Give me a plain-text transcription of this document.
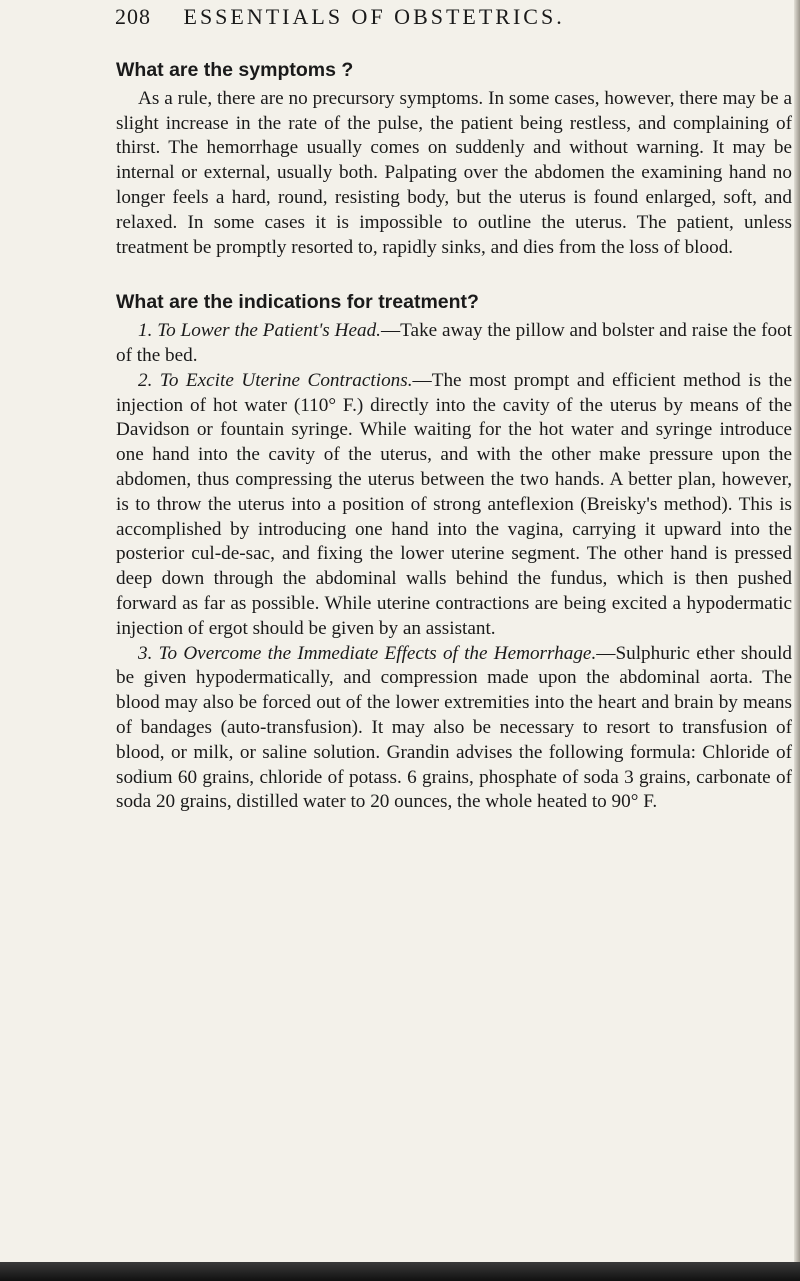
208 ESSENTIALS OF OBSTETRICS.
What are the symptoms ?

As a rule, there are no precursory symptoms. In some cases, however, there may be a slight increase in the rate of the pulse, the patient being restless, and complaining of thirst. The hemorrhage usually comes on suddenly and without warning. It may be internal or external, usually both. Palpating over the abdomen the examining hand no longer feels a hard, round, resisting body, but the uterus is found enlarged, soft, and relaxed. In some cases it is impossible to outline the uterus. The patient, unless treatment be promptly resorted to, rapidly sinks, and dies from the loss of blood.

What are the indications for treatment?

1. To Lower the Patient's Head.—Take away the pillow and bolster and raise the foot of the bed.

2. To Excite Uterine Contractions.—The most prompt and efficient method is the injection of hot water (110° F.) directly into the cavity of the uterus by means of the Davidson or fountain syringe. While waiting for the hot water and syringe introduce one hand into the cavity of the uterus, and with the other make pressure upon the abdomen, thus compressing the uterus between the two hands. A better plan, however, is to throw the uterus into a position of strong anteflexion (Breisky's method). This is accomplished by introducing one hand into the vagina, carrying it upward into the posterior cul-de-sac, and fixing the lower uterine segment. The other hand is pressed deep down through the abdominal walls behind the fundus, which is then pushed forward as far as possible. While uterine contractions are being excited a hypodermatic injection of ergot should be given by an assistant.

3. To Overcome the Immediate Effects of the Hemorrhage.—Sulphuric ether should be given hypodermatically, and compression made upon the abdominal aorta. The blood may also be forced out of the lower extremities into the heart and brain by means of bandages (auto-transfusion). It may also be necessary to resort to transfusion of blood, or milk, or saline solution. Grandin advises the following formula: Chloride of sodium 60 grains, chloride of potass. 6 grains, phosphate of soda 3 grains, carbonate of soda 20 grains, distilled water to 20 ounces, the whole heated to 90° F.
